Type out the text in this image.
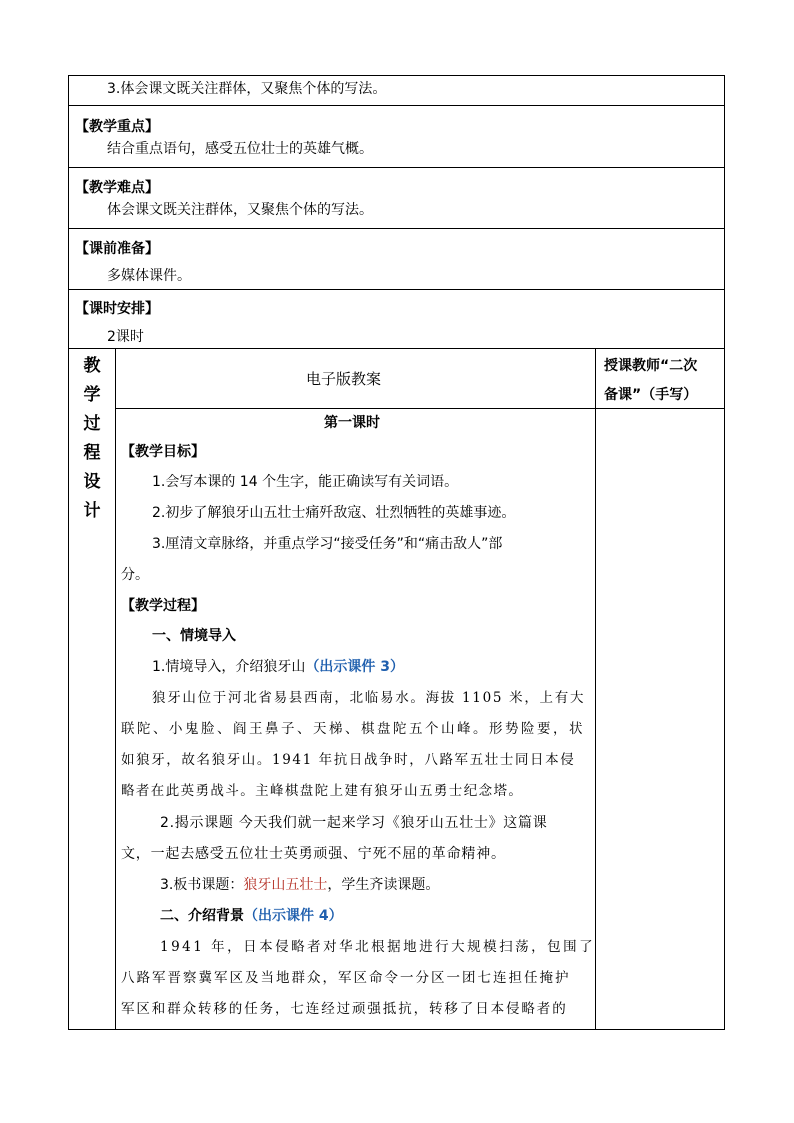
3.体会课文既关注群体，又聚焦个体的写法。
【教学重点】
结合重点语句，感受五位壮士的英雄气概。
【教学难点】
体会课文既关注群体，又聚焦个体的写法。
【课前准备】
多媒体课件。
【课时安排】
2课时
教
学
过
程
设
计
电子版教案
授课教师“二次
备课”（手写）
第一课时
【教学目标】
1.会写本课的 14 个生字，能正确读写有关词语。
2.初步了解狼牙山五壮士痛歼敌寇、壮烈牺牲的英雄事迹。
3.厘清文章脉络，并重点学习“接受任务”和“痛击敌人”部
分。
【教学过程】
一、情境导入
1.情境导入，介绍狼牙山（出示课件 3）
狼牙山位于河北省易县西南，北临易水。海拔 1105 米，上有大
联陀、小鬼脸、阎王鼻子、天梯、棋盘陀五个山峰。形势险要，状
如狼牙，故名狼牙山。1941 年抗日战争时，八路军五壮士同日本侵
略者在此英勇战斗。主峰棋盘陀上建有狼牙山五勇士纪念塔。
2.揭示课题 今天我们就一起来学习《狼牙山五壮士》这篇课
文，一起去感受五位壮士英勇顽强、宁死不屈的革命精神。
3.板书课题：狼牙山五壮士，学生齐读课题。
二、介绍背景（出示课件 4）
1941 年，日本侵略者对华北根据地进行大规模扫荡，包围了
八路军晋察冀军区及当地群众，军区命令一分区一团七连担任掩护
军区和群众转移的任务，七连经过顽强抵抗，转移了日本侵略者的
